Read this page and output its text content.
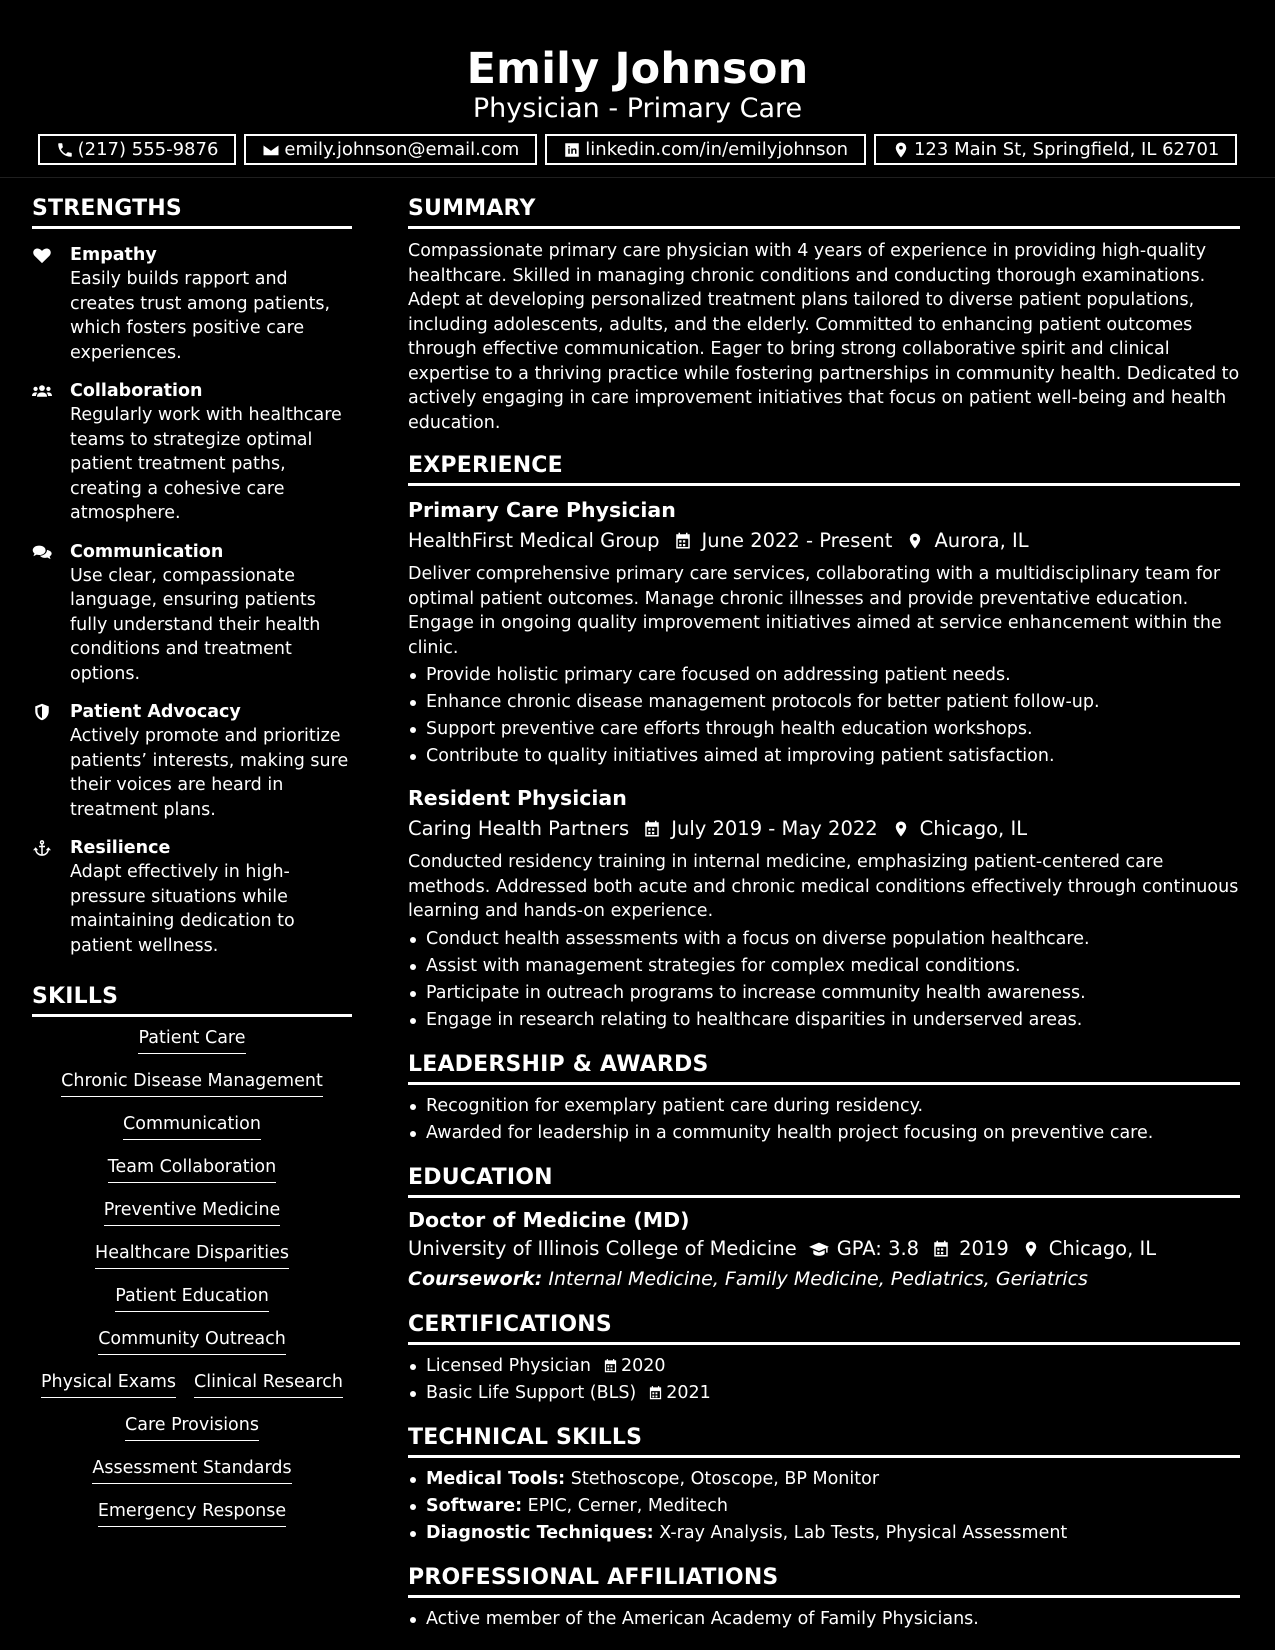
Emily Johnson
Physician - Primary Care
(217) 555-9876	emily.johnson@email.com	linkedin.com/in/emilyjohnson	123 Main St, Springfield, IL 62701
STRENGTHS
Empathy
Easily builds rapport and creates trust among patients, which fosters positive care experiences.
Collaboration
Regularly work with healthcare teams to strategize optimal patient treatment paths, creating a cohesive care atmosphere.
Communication
Use clear, compassionate language, ensuring patients fully understand their health conditions and treatment options.
Patient Advocacy
Actively promote and prioritize patients’ interests, making sure their voices are heard in treatment plans.
Resilience
Adapt effectively in high-pressure situations while maintaining dedication to patient wellness.
SKILLS
Patient Care
Chronic Disease Management
Communication
Team Collaboration
Preventive Medicine
Healthcare Disparities
Patient Education
Community Outreach
Physical Exams Clinical Research
Care Provisions
Assessment Standards
Emergency Response
SUMMARY
Compassionate primary care physician with 4 years of experience in providing high-quality healthcare. Skilled in managing chronic conditions and conducting thorough examinations. Adept at developing personalized treatment plans tailored to diverse patient populations, including adolescents, adults, and the elderly. Committed to enhancing patient outcomes through effective communication. Eager to bring strong collaborative spirit and clinical expertise to a thriving practice while fostering partnerships in community health. Dedicated to actively engaging in care improvement initiatives that focus on patient well-being and health education.
EXPERIENCE
Primary Care Physician
HealthFirst Medical Group June 2022 - Present Aurora, IL
Deliver comprehensive primary care services, collaborating with a multidisciplinary team for optimal patient outcomes. Manage chronic illnesses and provide preventative education. Engage in ongoing quality improvement initiatives aimed at service enhancement within the clinic.
Provide holistic primary care focused on addressing patient needs.
Enhance chronic disease management protocols for better patient follow-up.
Support preventive care efforts through health education workshops.
Contribute to quality initiatives aimed at improving patient satisfaction.
Resident Physician
Caring Health Partners July 2019 - May 2022 Chicago, IL
Conducted residency training in internal medicine, emphasizing patient-centered care methods. Addressed both acute and chronic medical conditions effectively through continuous learning and hands-on experience.
Conduct health assessments with a focus on diverse population healthcare.
Assist with management strategies for complex medical conditions.
Participate in outreach programs to increase community health awareness.
Engage in research relating to healthcare disparities in underserved areas.
LEADERSHIP & AWARDS
Recognition for exemplary patient care during residency.
Awarded for leadership in a community health project focusing on preventive care.
EDUCATION
Doctor of Medicine (MD)
University of Illinois College of Medicine GPA: 3.8 2019 Chicago, IL
Coursework: Internal Medicine, Family Medicine, Pediatrics, Geriatrics
CERTIFICATIONS
Licensed Physician 2020
Basic Life Support (BLS) 2021
TECHNICAL SKILLS
Medical Tools: Stethoscope, Otoscope, BP Monitor
Software: EPIC, Cerner, Meditech
Diagnostic Techniques: X-ray Analysis, Lab Tests, Physical Assessment
PROFESSIONAL AFFILIATIONS
Active member of the American Academy of Family Physicians.
